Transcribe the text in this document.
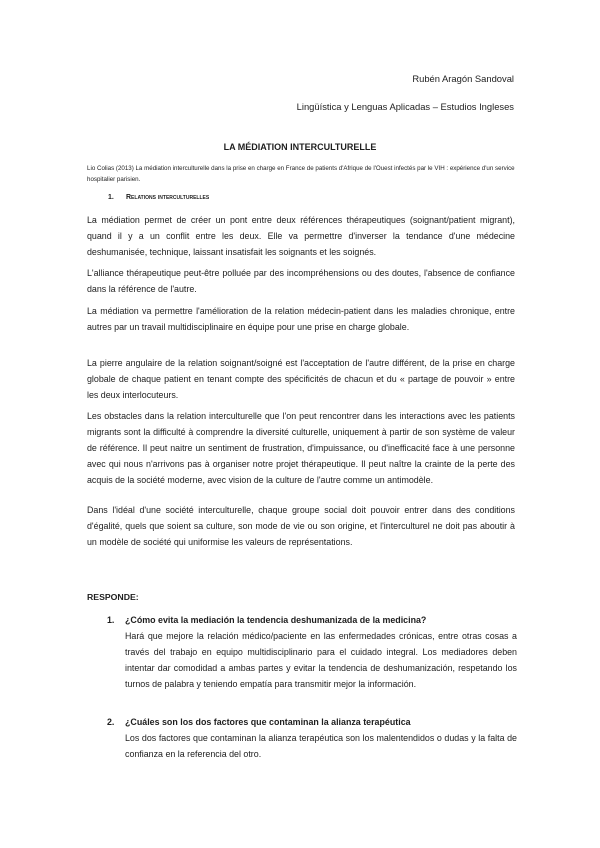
Rubén Aragón Sandoval
Lingüística y Lenguas Aplicadas – Estudios Ingleses
LA MÉDIATION INTERCULTURELLE
Lio Colias (2013) La médiation interculturelle dans la prise en charge en France de patients d'Afrique de l'Ouest infectés par le VIH : expérience d'un service hospitalier parisien.
1. Relations interculturelles

La médiation permet de créer un pont entre deux références thérapeutiques (soignant/patient migrant), quand il y a un conflit entre les deux. Elle va permettre d'inverser la tendance d'une médecine deshumanisée, technique, laissant insatisfait les soignants et les soignés.

L'alliance thérapeutique peut-être polluée par des incompréhensions ou des doutes, l'absence de confiance dans la référence de l'autre.

La médiation va permettre l'amélioration de la relation médecin-patient dans les maladies chronique, entre autres par un travail multidisciplinaire en équipe pour une prise en charge globale.

La pierre angulaire de la relation soignant/soigné est l'acceptation de l'autre différent, de la prise en charge globale de chaque patient en tenant compte des spécificités de chacun et du « partage de pouvoir » entre les deux interlocuteurs.

Les obstacles dans la relation interculturelle que l'on peut rencontrer dans les interactions avec les patients migrants sont la difficulté à comprendre la diversité culturelle, uniquement à partir de son système de valeur de référence. Il peut naitre un sentiment de frustration, d'impuissance, ou d'inefficacité face à une personne avec qui nous n'arrivons pas à organiser notre projet thérapeutique. Il peut naître la crainte de la perte des acquis de la société moderne, avec vision de la culture de l'autre comme un antimodèle.

Dans l'idéal d'une société interculturelle, chaque groupe social doit pouvoir entrer dans des conditions d'égalité, quels que soient sa culture, son mode de vie ou son origine, et l'interculturel ne doit pas aboutir à un modèle de société qui uniformise les valeurs de représentations.

RESPONDE:
1. ¿Cómo evita la mediación la tendencia deshumanizada de la medicina?
Hará que mejore la relación médico/paciente en las enfermedades crónicas, entre otras cosas a través del trabajo en equipo multidisciplinario para el cuidado integral. Los mediadores deben intentar dar comodidad a ambas partes y evitar la tendencia de deshumanización, respetando los turnos de palabra y teniendo empatía para transmitir mejor la información.
2. ¿Cuáles son los dos factores que contaminan la alianza terapéutica
Los dos factores que contaminan la alianza terapéutica son los malentendidos o dudas y la falta de confianza en la referencia del otro.
